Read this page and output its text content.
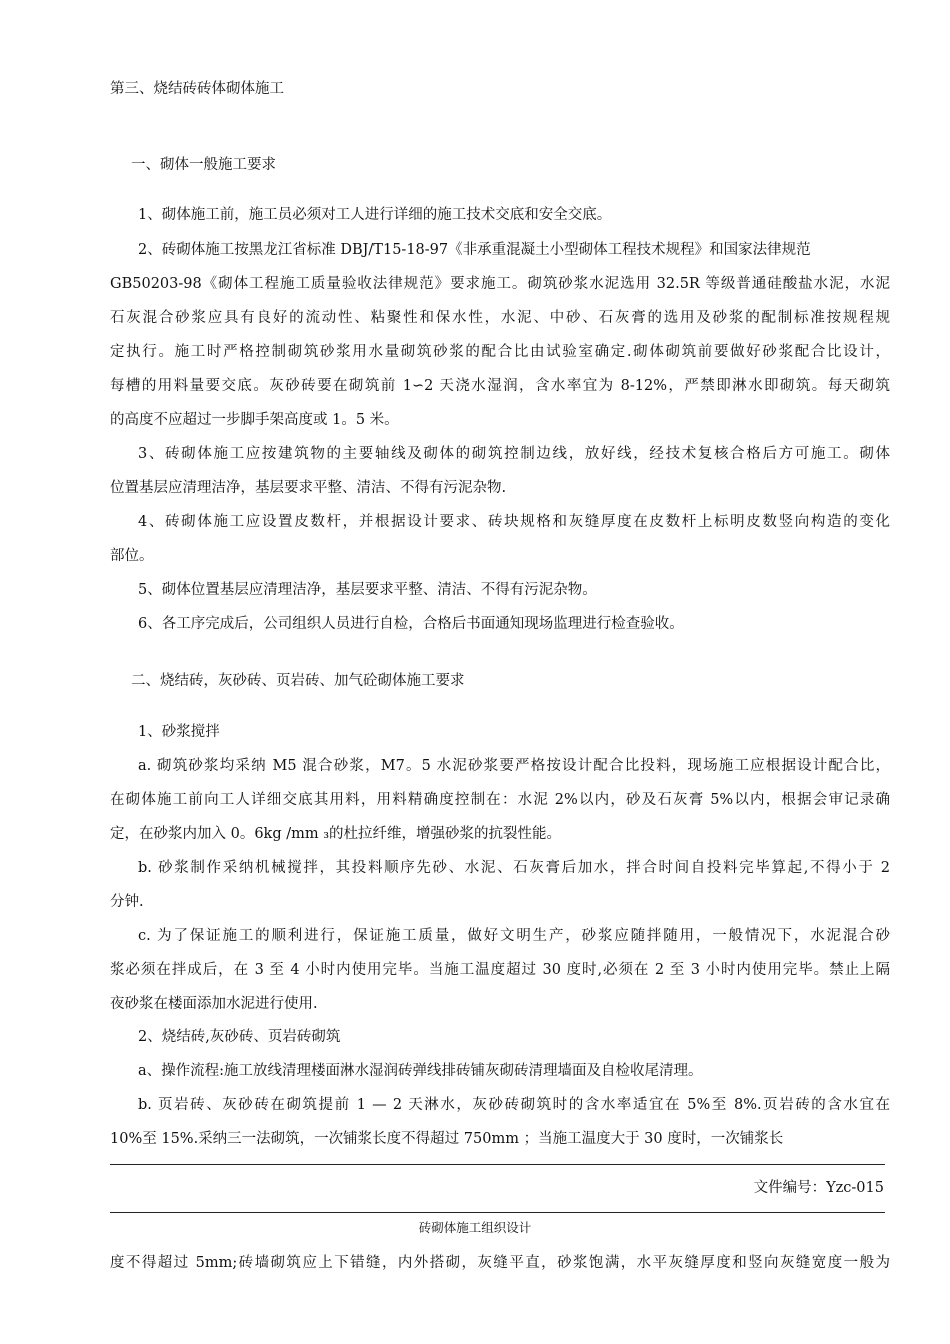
第三、烧结砖砖体砌体施工
一、砌体一般施工要求
1、砌体施工前，施工员必须对工人进行详细的施工技术交底和安全交底。
2、砖砌体施工按黑龙江省标准 DBJ/T15-18-97《非承重混凝土小型砌体工程技术规程》和国家法律规范
GB50203-98《砌体工程施工质量验收法律规范》要求施工。砌筑砂浆水泥选用 32.5R 等级普通硅酸盐水泥，水泥
石灰混合砂浆应具有良好的流动性、粘聚性和保水性，水泥、中砂、石灰膏的选用及砂浆的配制标准按规程规
定执行。施工时严格控制砌筑砂浆用水量砌筑砂浆的配合比由试验室确定.砌体砌筑前要做好砂浆配合比设计，
每槽的用料量要交底。灰砂砖要在砌筑前 1∽2 天浇水湿润，含水率宜为 8-12%，严禁即淋水即砌筑。每天砌筑
的高度不应超过一步脚手架高度或 1。5 米。
3、砖砌体施工应按建筑物的主要轴线及砌体的砌筑控制边线，放好线，经技术复核合格后方可施工。砌体
位置基层应清理洁净，基层要求平整、清洁、不得有污泥杂物.
4、砖砌体施工应设置皮数杆，并根据设计要求、砖块规格和灰缝厚度在皮数杆上标明皮数竖向构造的变化
部位。
5、砌体位置基层应清理洁净，基层要求平整、清洁、不得有污泥杂物。
6、各工序完成后，公司组织人员进行自检，合格后书面通知现场监理进行检查验收。
二、烧结砖，灰砂砖、页岩砖、加气砼砌体施工要求
1、砂浆搅拌
a. 砌筑砂浆均采纳 M5 混合砂浆，M7。5 水泥砂浆要严格按设计配合比投料，现场施工应根据设计配合比，
在砌体施工前向工人详细交底其用料，用料精确度控制在：水泥 2%以内，砂及石灰膏 5%以内，根据会审记录确
定，在砂浆内加入 0。6kg /mm ₃的杜拉纤维，增强砂浆的抗裂性能。
b. 砂浆制作采纳机械搅拌，其投料顺序先砂、水泥、石灰膏后加水，拌合时间自投料完毕算起,不得小于 2
分钟.
c. 为了保证施工的顺利进行，保证施工质量，做好文明生产，砂浆应随拌随用，一般情况下，水泥混合砂
浆必须在拌成后，在 3 至 4 小时内使用完毕。当施工温度超过 30 度时,必须在 2 至 3 小时内使用完毕。禁止上隔
夜砂浆在楼面添加水泥进行使用.
2、烧结砖,灰砂砖、页岩砖砌筑
a、操作流程:施工放线清理楼面淋水湿润砖弹线排砖铺灰砌砖清理墙面及自检收尾清理。
b. 页岩砖、灰砂砖在砌筑提前 1 — 2 天淋水，灰砂砖砌筑时的含水率适宜在 5%至 8%.页岩砖的含水宜在
10%至 15%.采纳三一法砌筑，一次铺浆长度不得超过 750mm ；当施工温度大于 30 度时，一次铺浆长
文件编号：Yzc-015
砖砌体施工组织设计
度不得超过 5mm;砖墙砌筑应上下错缝，内外搭砌，灰缝平直，砂浆饱满，水平灰缝厚度和竖向灰缝宽度一般为
